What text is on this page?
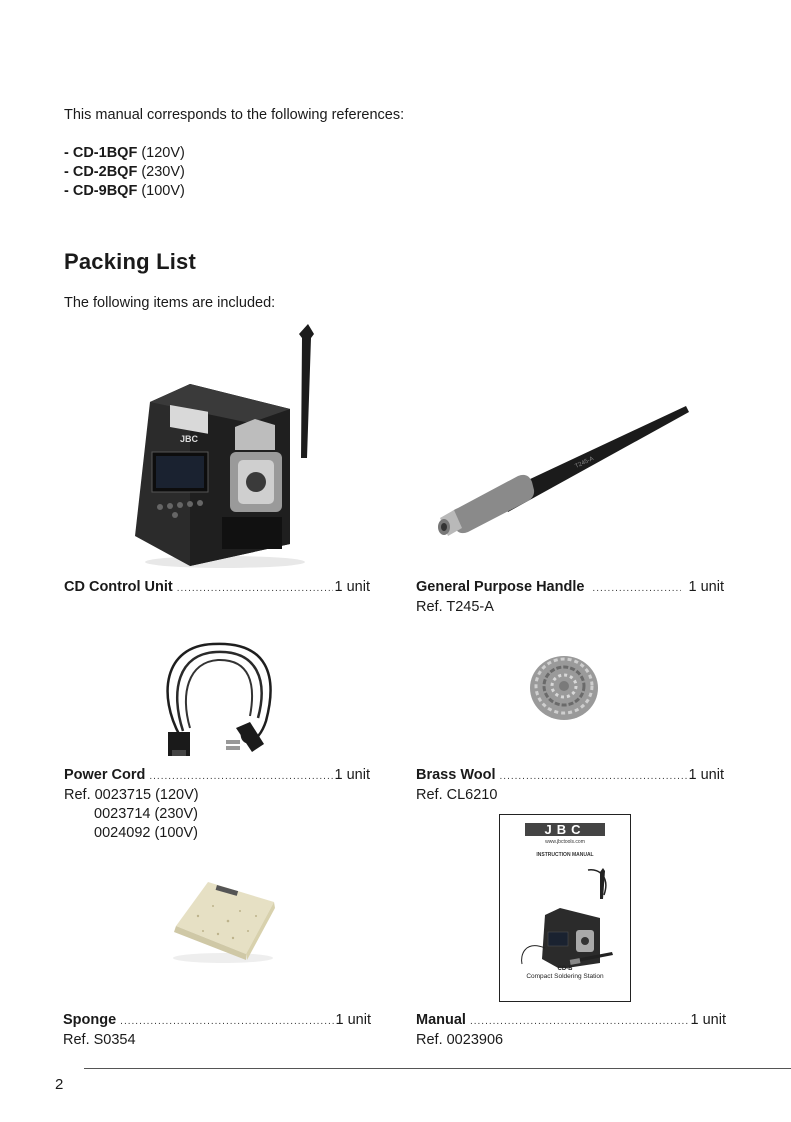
This manual corresponds to the following references:
- CD-1BQF (120V)
- CD-2BQF (230V)
- CD-9BQF (100V)
Packing List
The following items are included:
JBC
T245-A
CD Control Unit .....	1 unit	General Purpose Handle .....	1 unit
Ref. T245-A
Power Cord .....	1 unit
Ref. 0023715 (120V)
0023714 (230V)
0024092 (100V)
Brass Wool .....	1 unit
Ref. CL6210
JBC
www.jbctools.com
INSTRUCTION MANUAL
CD-B
Compact Soldering Station
Sponge .....	1 unit
Ref. S0354
Manual .....	1 unit
Ref. 0023906
2
